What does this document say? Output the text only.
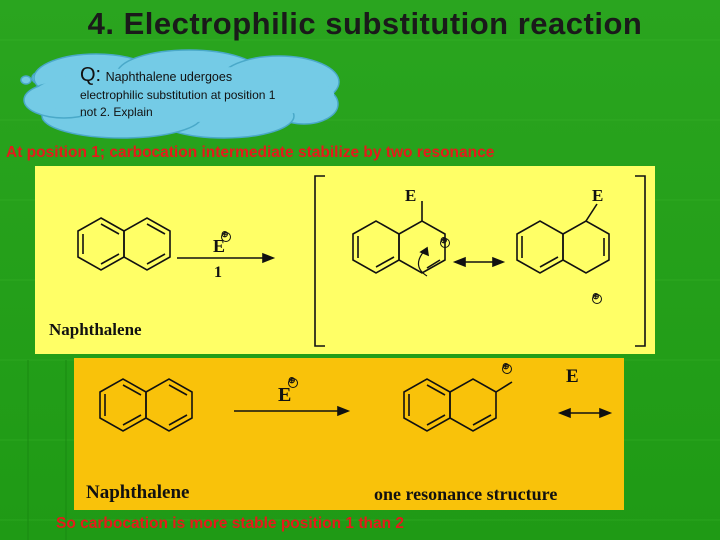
4. Electrophilic substitution reaction
Q: Naphthalene udergoes
electrophilic substitution at position 1 not 2. Explain
At position 1; carbocation intermediate stabilize by two resonance
E
1
⊕
⊕
⊕
E	E
Naphthalene
E
⊕
⊕	E
Naphthalene	one resonance structure
So carbocation is more stable position 1 than 2
